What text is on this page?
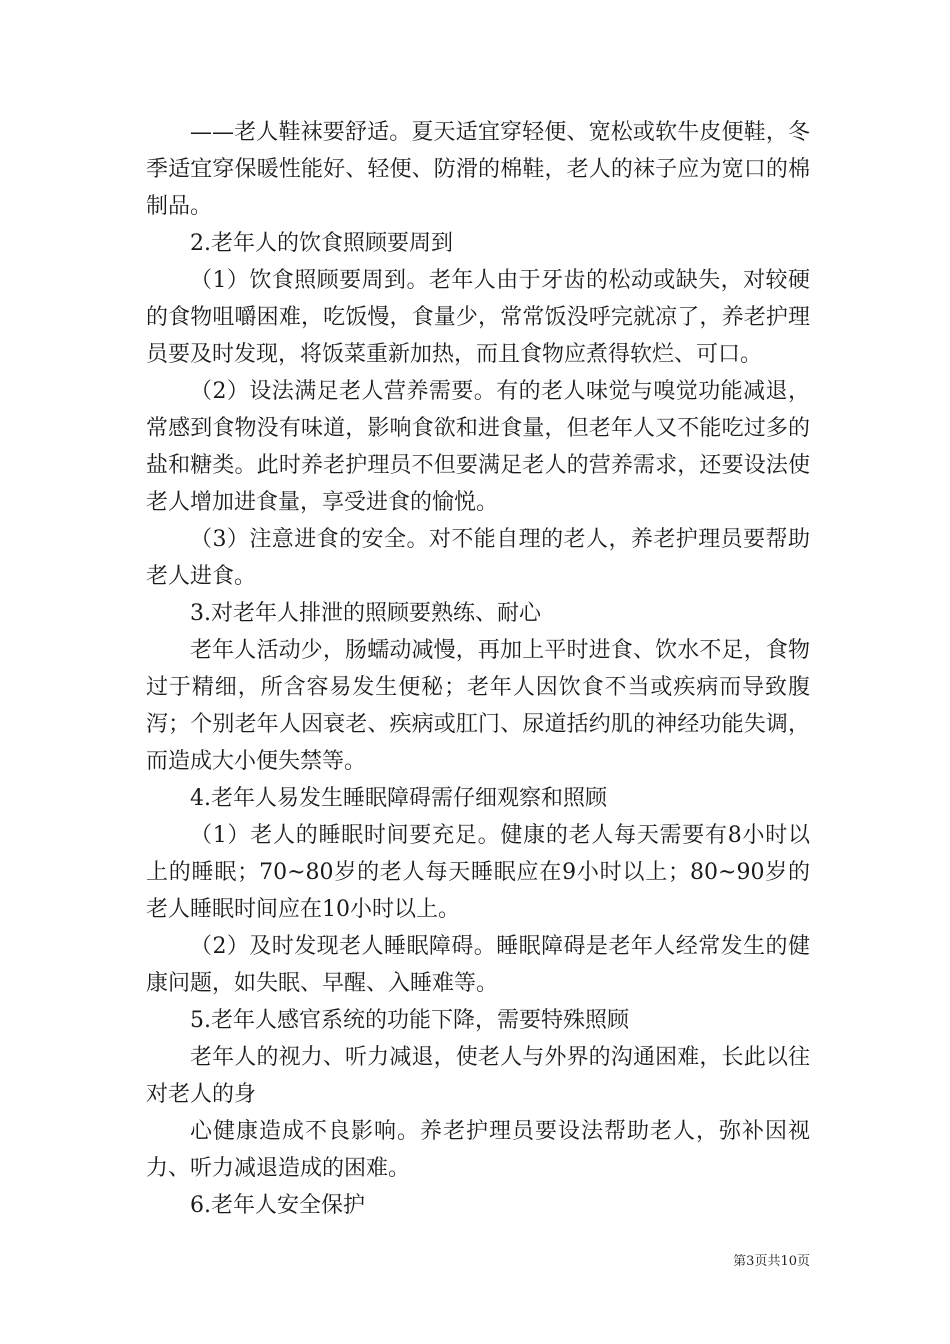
——老人鞋袜要舒适。夏天适宜穿轻便、宽松或软牛皮便鞋，冬季适宜穿保暖性能好、轻便、防滑的棉鞋，老人的袜子应为宽口的棉制品。

2.老年人的饮食照顾要周到

（1）饮食照顾要周到。老年人由于牙齿的松动或缺失，对较硬的食物咀嚼困难，吃饭慢，食量少，常常饭没呼完就凉了，养老护理员要及时发现，将饭菜重新加热，而且食物应煮得软烂、可口。

（2）设法满足老人营养需要。有的老人味觉与嗅觉功能减退，常感到食物没有味道，影响食欲和进食量，但老年人又不能吃过多的盐和糖类。此时养老护理员不但要满足老人的营养需求，还要设法使老人增加进食量，享受进食的愉悦。

（3）注意进食的安全。对不能自理的老人，养老护理员要帮助老人进食。

3.对老年人排泄的照顾要熟练、耐心

老年人活动少，肠蠕动减慢，再加上平时进食、饮水不足，食物过于精细，所含容易发生便秘；老年人因饮食不当或疾病而导致腹泻；个别老年人因衰老、疾病或肛门、尿道括约肌的神经功能失调，而造成大小便失禁等。

4.老年人易发生睡眠障碍需仔细观察和照顾

（1）老人的睡眠时间要充足。健康的老人每天需要有8小时以上的睡眠；70~80岁的老人每天睡眠应在9小时以上；80~90岁的老人睡眠时间应在10小时以上。

（2）及时发现老人睡眠障碍。睡眠障碍是老年人经常发生的健康问题，如失眠、早醒、入睡难等。

5.老年人感官系统的功能下降，需要特殊照顾

老年人的视力、听力减退，使老人与外界的沟通困难，长此以往对老人的身

心健康造成不良影响。养老护理员要设法帮助老人，弥补因视力、听力减退造成的困难。

6.老年人安全保护

第3页共10页
